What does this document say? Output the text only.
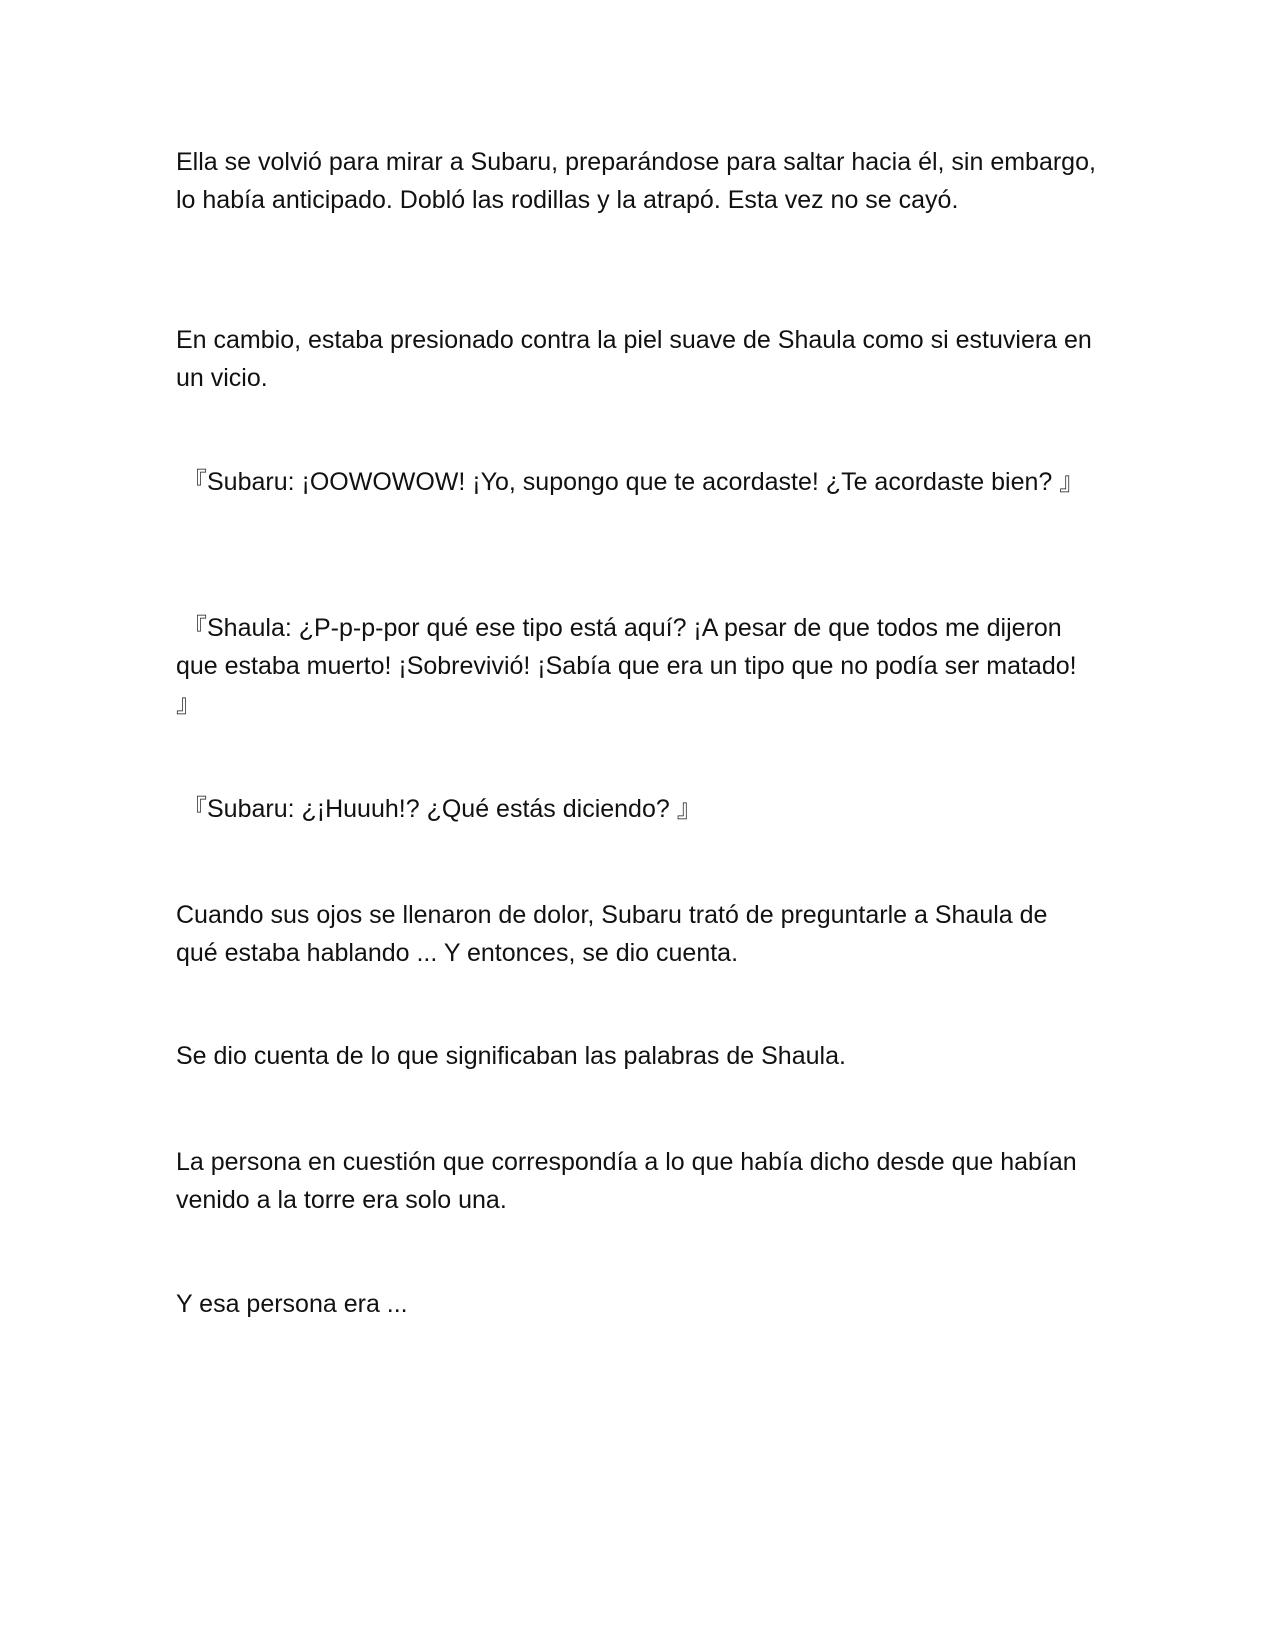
Ella se volvió para mirar a Subaru, preparándose para saltar hacia él, sin embargo, lo había anticipado. Dobló las rodillas y la atrapó. Esta vez no se cayó.

En cambio, estaba presionado contra la piel suave de Shaula como si estuviera en un vicio.

『Subaru: ¡OOWOWOW! ¡Yo, supongo que te acordaste! ¿Te acordaste bien? 』

『Shaula: ¿P-p-p-por qué ese tipo está aquí? ¡A pesar de que todos me dijeron que estaba muerto! ¡Sobrevivió! ¡Sabía que era un tipo que no podía ser matado! 』

『Subaru: ¿¡Huuuh!? ¿Qué estás diciendo? 』

Cuando sus ojos se llenaron de dolor, Subaru trató de preguntarle a Shaula de qué estaba hablando ... Y entonces, se dio cuenta.

Se dio cuenta de lo que significaban las palabras de Shaula.

La persona en cuestión que correspondía a lo que había dicho desde que habían venido a la torre era solo una.

Y esa persona era ...
